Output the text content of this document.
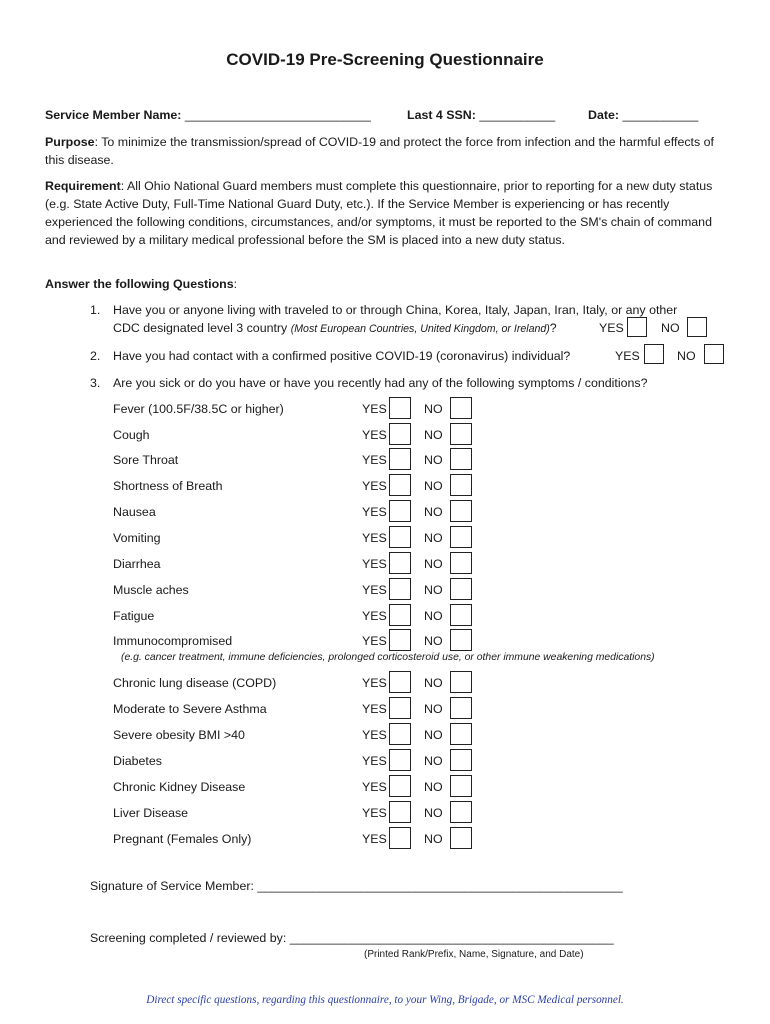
COVID-19 Pre-Screening Questionnaire
Service Member Name: ___________________________	Last 4 SSN: ___________	Date: ___________
Purpose: To minimize the transmission/spread of COVID-19 and protect the force from infection and the harmful effects of this disease.
Requirement: All Ohio National Guard members must complete this questionnaire, prior to reporting for a new duty status (e.g. State Active Duty, Full-Time National Guard Duty, etc.). If the Service Member is experiencing or has recently experienced the following conditions, circumstances, and/or symptoms, it must be reported to the SM's chain of command and reviewed by a military medical professional before the SM is placed into a new duty status.
Answer the following Questions:
1. Have you or anyone living with traveled to or through China, Korea, Italy, Japan, Iran, Italy, or any other
CDC designated level 3 country (Most European Countries, United Kingdom, or Ireland)?	YES	NO
2. Have you had contact with a confirmed positive COVID-19 (coronavirus) individual?	YES	NO
3. Are you sick or do you have or have you recently had any of the following symptoms / conditions?
Fever (100.5F/38.5C or higher)	YES	NO
Cough	YES	NO
Sore Throat	YES	NO
Shortness of Breath	YES	NO
Nausea	YES	NO
Vomiting	YES	NO
Diarrhea	YES	NO
Muscle aches	YES	NO
Fatigue	YES	NO
Immunocompromised	YES	NO
Chronic lung disease (COPD)	YES	NO
Moderate to Severe Asthma	YES	NO
Severe obesity BMI >40	YES	NO
Diabetes	YES	NO
Chronic Kidney Disease	YES	NO
Liver Disease	YES	NO
Pregnant (Females Only)	YES	NO
(e.g. cancer treatment, immune deficiencies, prolonged corticosteroid use, or other immune weakening medications)
Signature of Service Member: _____________________________________________________
Screening completed / reviewed by: _______________________________________________
(Printed Rank/Prefix, Name, Signature, and Date)
Direct specific questions, regarding this questionnaire, to your Wing, Brigade, or MSC Medical personnel.
